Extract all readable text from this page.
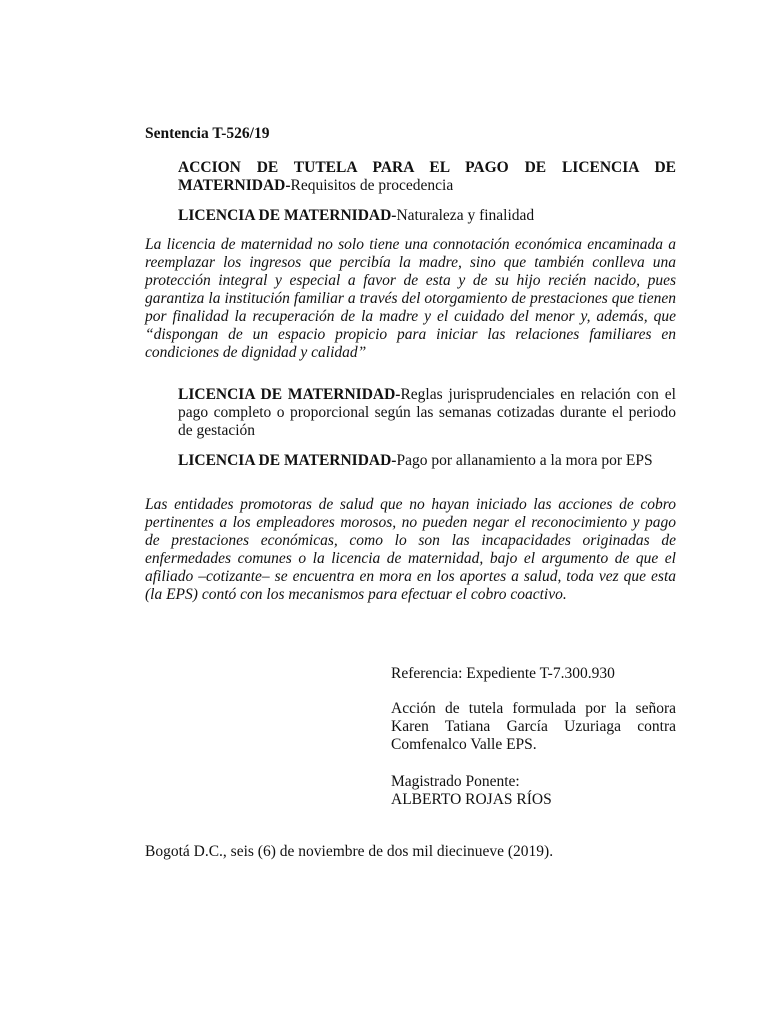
Sentencia T-526/19

ACCION DE TUTELA PARA EL PAGO DE LICENCIA DE MATERNIDAD-Requisitos de procedencia

LICENCIA DE MATERNIDAD-Naturaleza y finalidad

La licencia de maternidad no solo tiene una connotación económica encaminada a reemplazar los ingresos que percibía la madre, sino que también conlleva una protección integral y especial a favor de esta y de su hijo recién nacido, pues garantiza la institución familiar a través del otorgamiento de prestaciones que tienen por finalidad la recuperación de la madre y el cuidado del menor y, además, que “dispongan de un espacio propicio para iniciar las relaciones familiares en condiciones de dignidad y calidad”

LICENCIA DE MATERNIDAD-Reglas jurisprudenciales en relación con el pago completo o proporcional según las semanas cotizadas durante el periodo de gestación

LICENCIA DE MATERNIDAD-Pago por allanamiento a la mora por EPS

Las entidades promotoras de salud que no hayan iniciado las acciones de cobro pertinentes a los empleadores morosos, no pueden negar el reconocimiento y pago de prestaciones económicas, como lo son las incapacidades originadas de enfermedades comunes o la licencia de maternidad, bajo el argumento de que el afiliado –cotizante– se encuentra en mora en los aportes a salud, toda vez que esta (la EPS) contó con los mecanismos para efectuar el cobro coactivo.

Referencia: Expediente T-7.300.930

Acción de tutela formulada por la señora Karen Tatiana García Uzuriaga contra Comfenalco Valle EPS.

Magistrado Ponente:

ALBERTO ROJAS RÍOS

Bogotá D.C., seis (6) de noviembre de dos mil diecinueve (2019).
